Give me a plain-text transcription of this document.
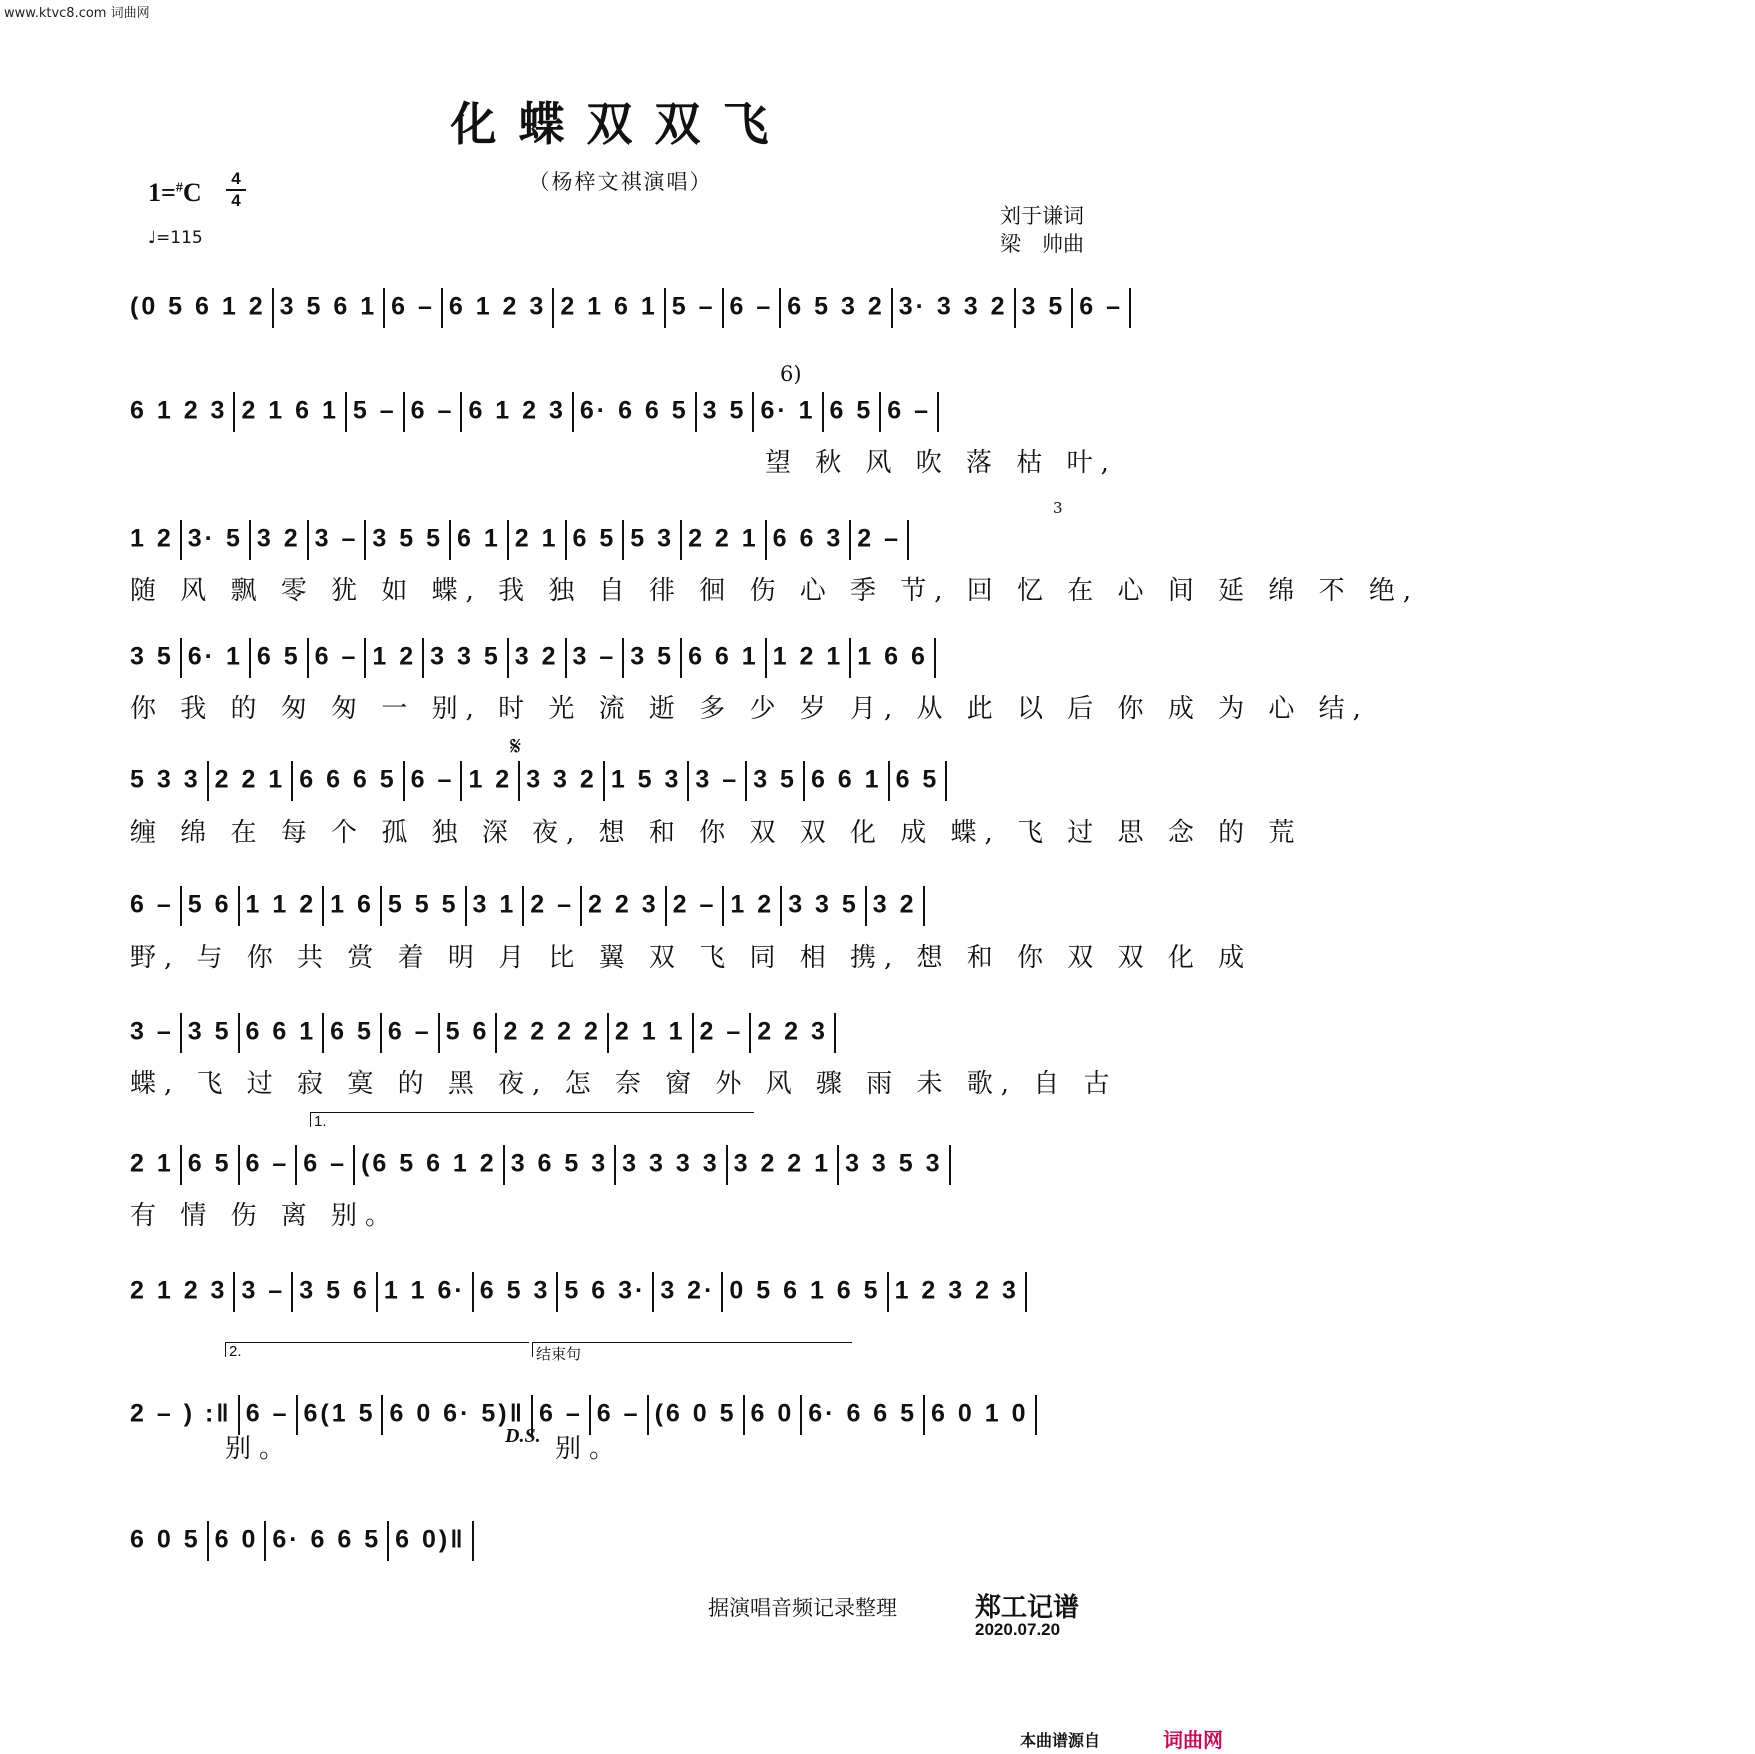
www.ktvc8.com 词曲网
化蝶双双飞
（杨梓文祺演唱）
1=#C	4
4
♩=115
刘于谦词
梁　帅曲
(0 5 6 1 2 3 5 6 1 6 – 6 1 2 3 2 1 6 1 5 – 6 – 6 5 3 2 3· 3 3 2 3 5 6 –
6 1 2 3 2 1 6 1 5 – 6 – 6 1 2 3 6· 6 6 5 3 5 6· 1 6 5 6 –
望 秋 风 吹 落 枯 叶,
1 2 3· 5 3 2 3 – 3 5 5 6 1 2 1 6 5 5 3 2 2 1 6 6 3 2 –
随 风 飘 零 犹 如 蝶, 我 独 自 徘 徊 伤 心 季 节, 回 忆 在 心 间 延 绵 不 绝,
3 5 6· 1 6 5 6 – 1 2 3 3 5 3 2 3 – 3 5 6 6 1 1 2 1 1 6 6
你 我 的 匆 匆 一 别, 时 光 流 逝 多 少 岁 月, 从 此 以 后 你 成 为 心 结,
5 3 3 2 2 1 6 6 6 5 6 – 1 2 3 3 2 1 5 3 3 – 3 5 6 6 1 6 5
缠 绵 在 每 个 孤 独 深 夜, 想 和 你 双 双 化 成 蝶, 飞 过 思 念 的 荒
6 – 5 6 1 1 2 1 6 5 5 5 3 1 2 – 2 2 3 2 – 1 2 3 3 5 3 2
野, 与 你 共 赏 着 明 月 比 翼 双 飞 同 相 携, 想 和 你 双 双 化 成
3 – 3 5 6 6 1 6 5 6 – 5 6 2 2 2 2 2 1 1 2 – 2 2 3
蝶, 飞 过 寂 寞 的 黑 夜, 怎 奈 窗 外 风 骤 雨 未 歌, 自 古
2 1 6 5 6 – 6 – (6 5 6 1 2 3 6 5 3 3 3 3 3 3 2 2 1 3 3 5 3
有 情 伤 离 别。
2 1 2 3 3 – 3 5 6 1 1 6· 6 5 3 5 6 3· 3 2· 0 5 6 1 6 5 1 2 3 2 3
2 – ) :‖ 6 – 6(1 5 6 0 6· 5)‖ 6 – 6 – (6 0 5 6 0 6· 6 6 5 6 0 1 0
别。
6 0 5 6 0 6· 6 6 5 6 0)‖
别。
6)
3
1.
2.	结束句
𝄋
D.S.
据演唱音频记录整理	郑工记谱
2020.07.20
本曲谱源自	词曲网
